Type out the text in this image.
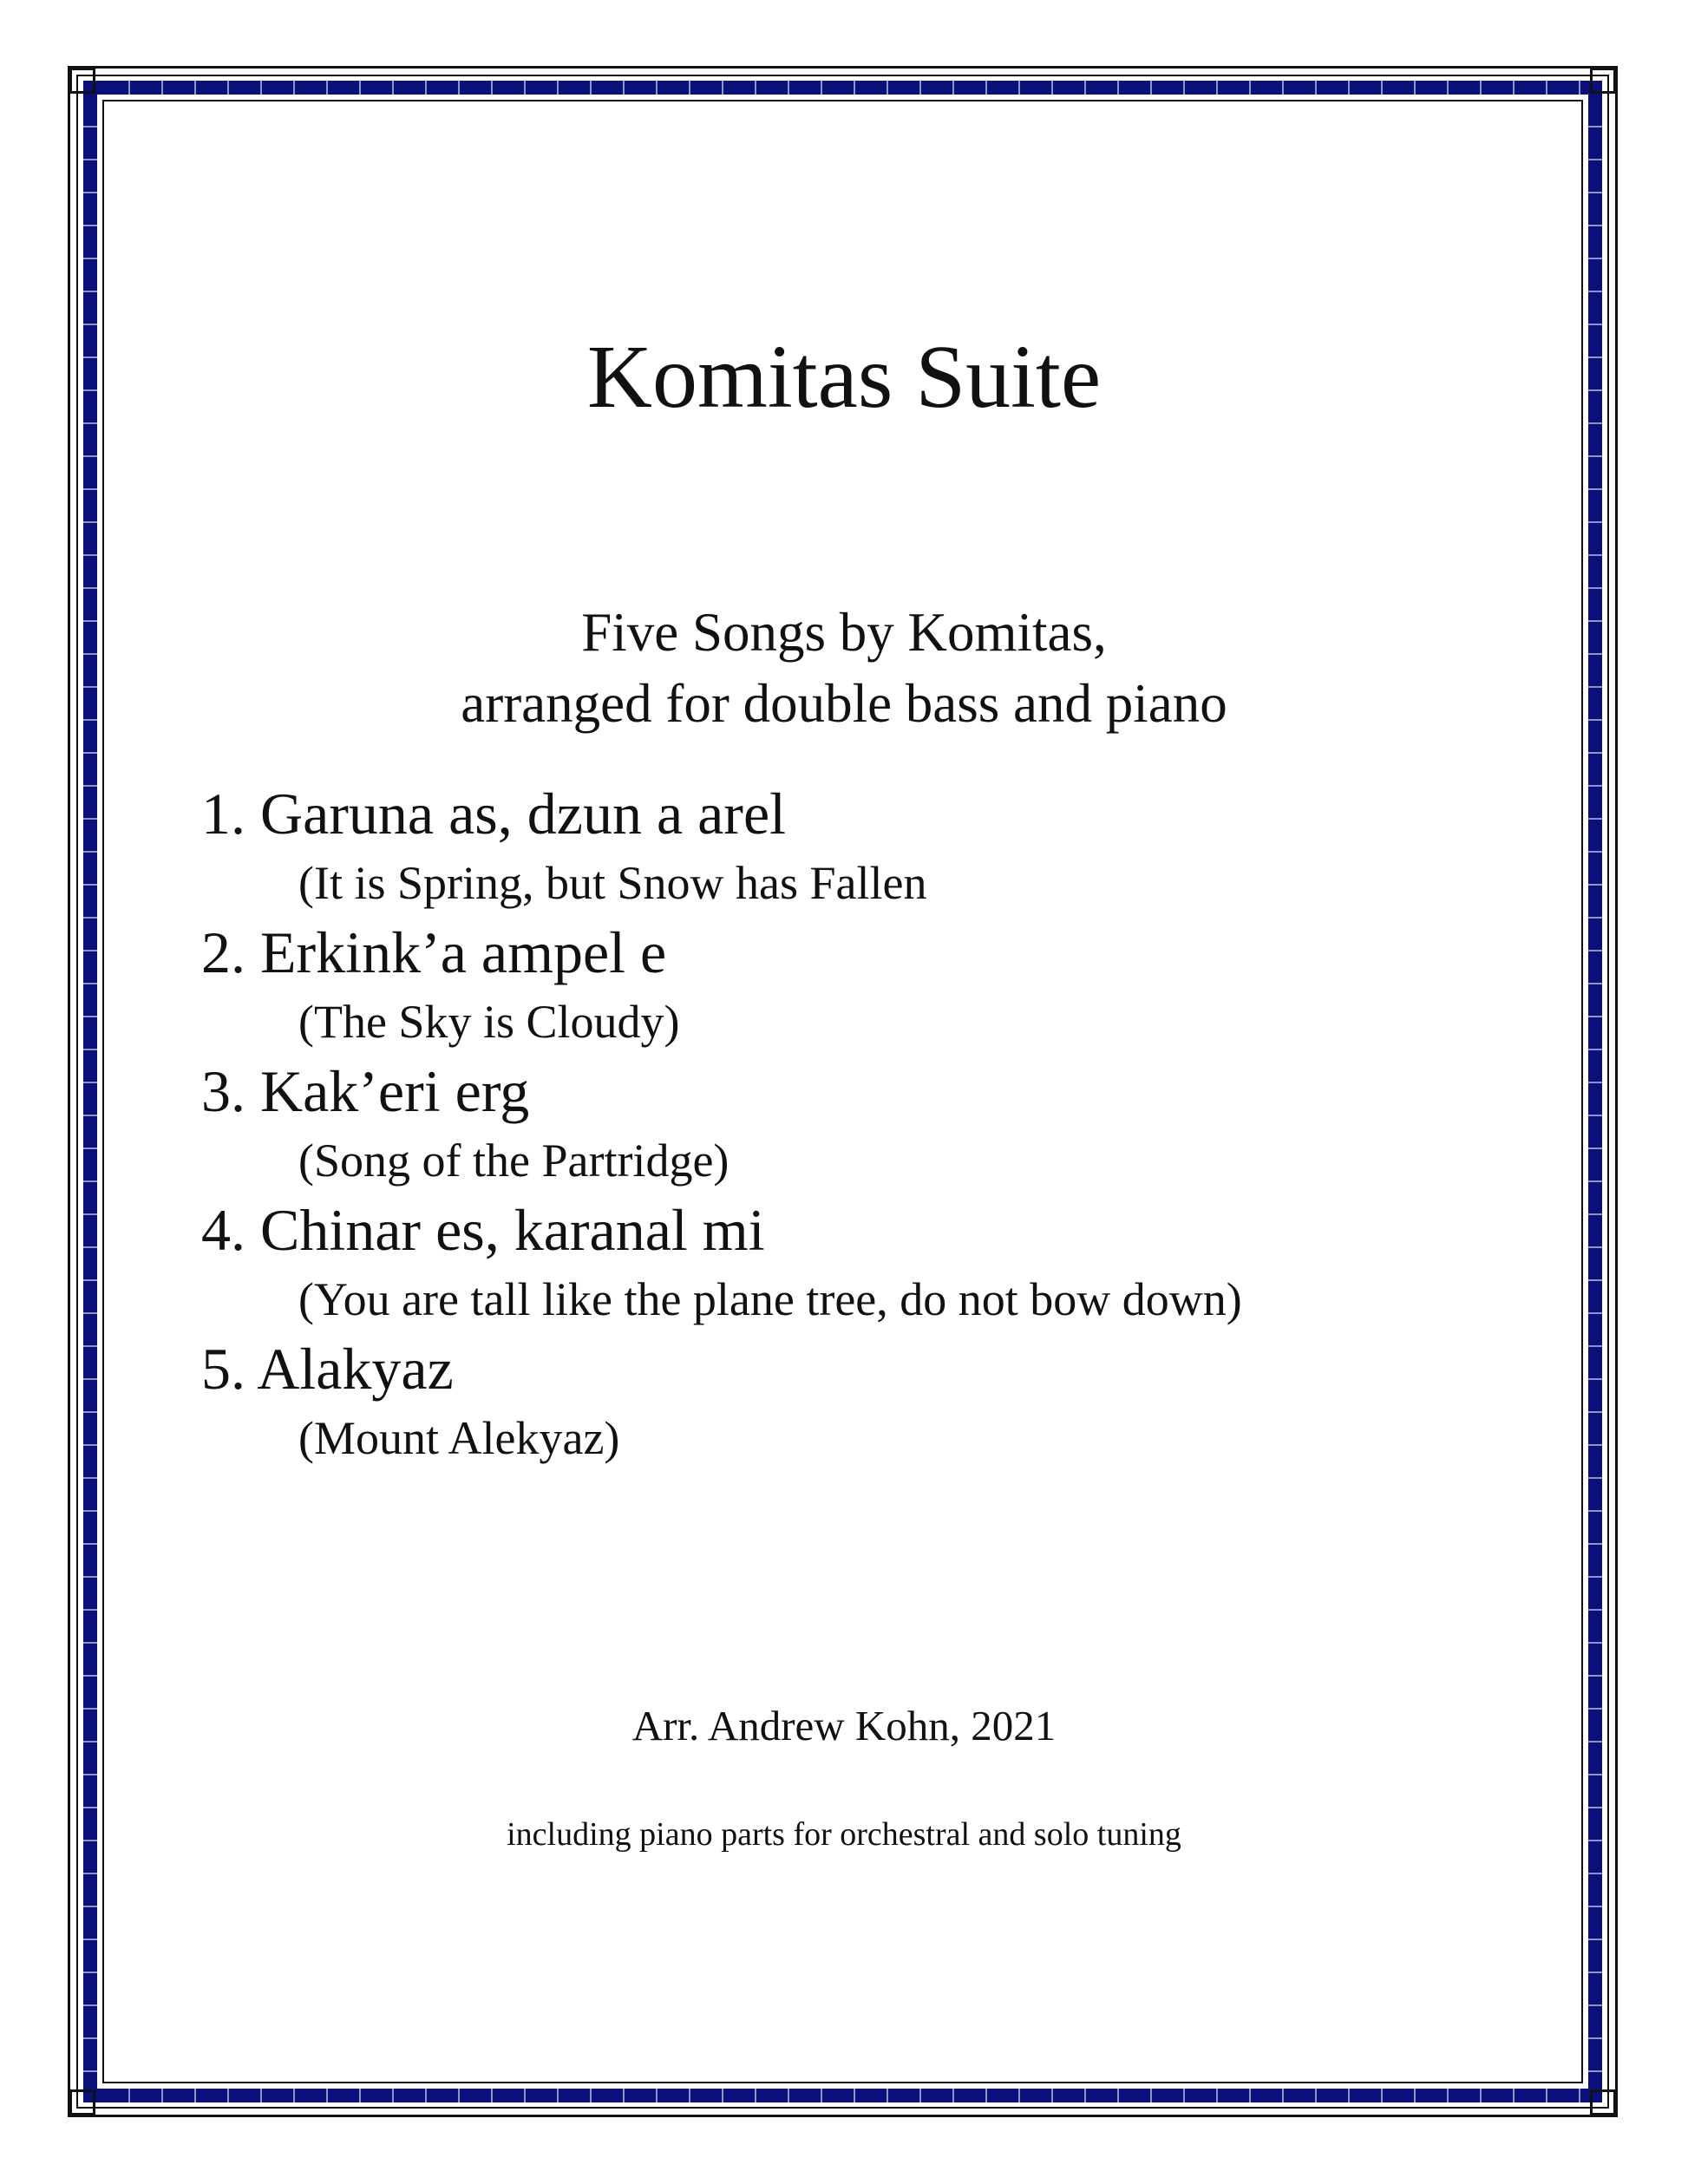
Komitas Suite
Five Songs by Komitas,
arranged for double bass and piano
1. Garuna as, dzun a arel
(It is Spring, but Snow has Fallen
2. Erkink’a ampel e
(The Sky is Cloudy)
3. Kak’eri erg
(Song of the Partridge)
4. Chinar es, karanal mi
(You are tall like the plane tree, do not bow down)
5. Alakyaz
(Mount Alekyaz)
Arr. Andrew Kohn, 2021
including piano parts for orchestral and solo tuning
